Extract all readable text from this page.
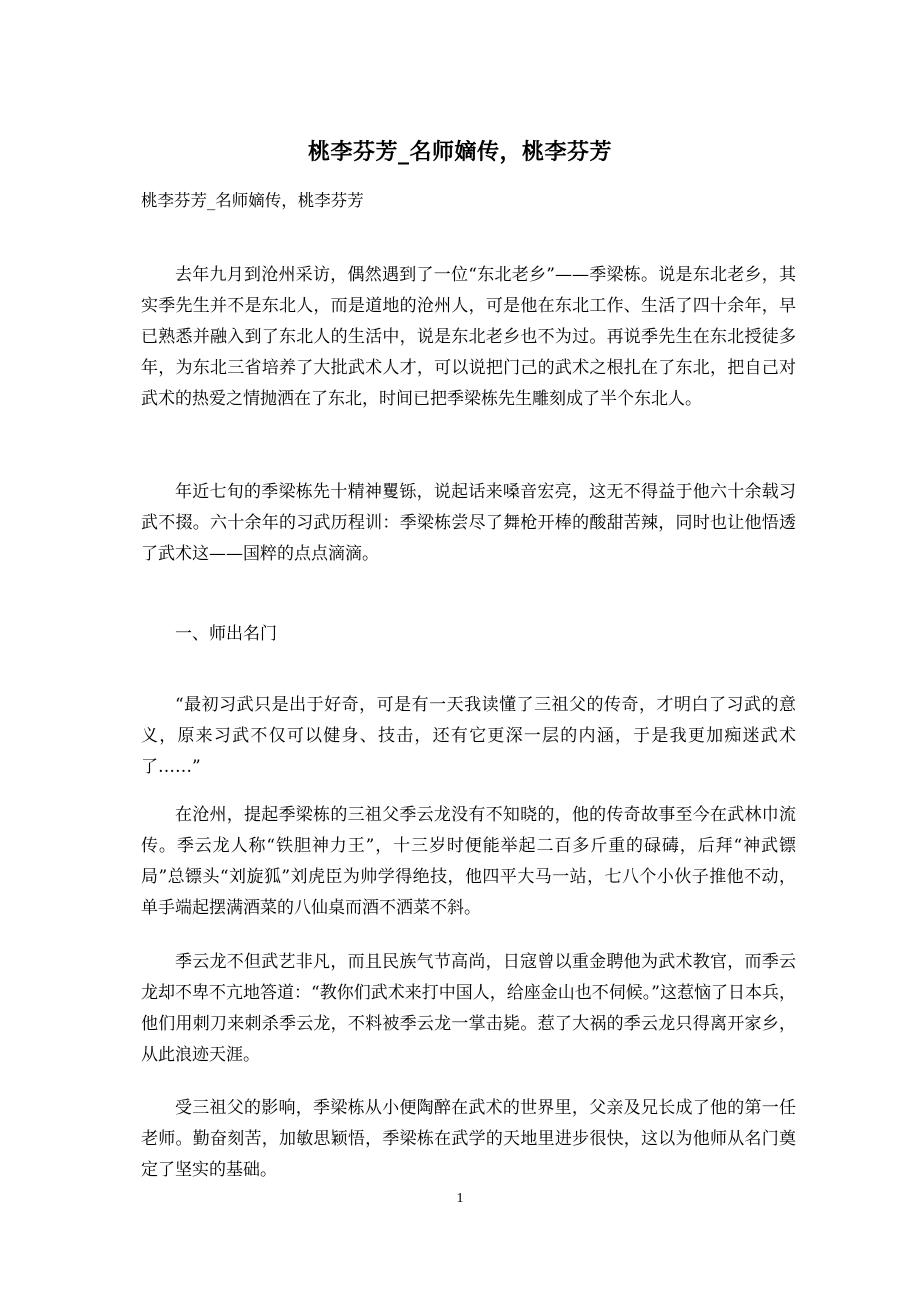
桃李芬芳_名师嫡传，桃李芬芳
桃李芬芳_名师嫡传，桃李芬芳

去年九月到沧州采访，偶然遇到了一位“东北老乡”——季梁栋。说是东北老乡，其实季先生并不是东北人，而是道地的沧州人，可是他在东北工作、生活了四十余年，早已熟悉并融入到了东北人的生活中，说是东北老乡也不为过。再说季先生在东北授徒多年，为东北三省培养了大批武术人才，可以说把门己的武术之根扎在了东北，把自己对武术的热爱之情抛洒在了东北，时间已把季梁栋先生雕刻成了半个东北人。

年近七旬的季梁栋先十精神矍铄，说起话来嗓音宏亮，这无不得益于他六十余载习武不掇。六十余年的习武历程训：季梁栋尝尽了舞枪开棒的酸甜苦辣，同时也让他悟透了武术这——国粹的点点滴滴。

一、师出名门

“最初习武只是出于好奇，可是有一天我读懂了三祖父的传奇，才明白了习武的意义，原来习武不仅可以健身、技击，还有它更深一层的内涵，于是我更加痴迷武术了……”

在沧州，提起季梁栋的三祖父季云龙没有不知晓的，他的传奇故事至今在武林巾流传。季云龙人称“铁胆神力王”，十三岁时便能举起二百多斤重的碌碡，后拜“神武镖局”总镖头“刘旋狐”刘虎臣为帅学得绝技，他四平大马一站，七八个小伙子推他不动，单手端起摆满酒菜的八仙桌而酒不洒菜不斜。

季云龙不但武艺非凡，而且民族气节高尚，日寇曾以重金聘他为武术教官，而季云龙却不卑不亢地答道：“教你们武术来打中国人，给座金山也不伺候。”这惹恼了日本兵，他们用刺刀来刺杀季云龙，不料被季云龙一掌击毙。惹了大祸的季云龙只得离开家乡，从此浪迹天涯。

受三祖父的影响，季梁栋从小便陶醉在武术的世界里，父亲及兄长成了他的第一任老师。勤奋刻苦，加敏思颖悟，季梁栋在武学的天地里进步很快，这以为他师从名门奠定了坚实的基础。

1
